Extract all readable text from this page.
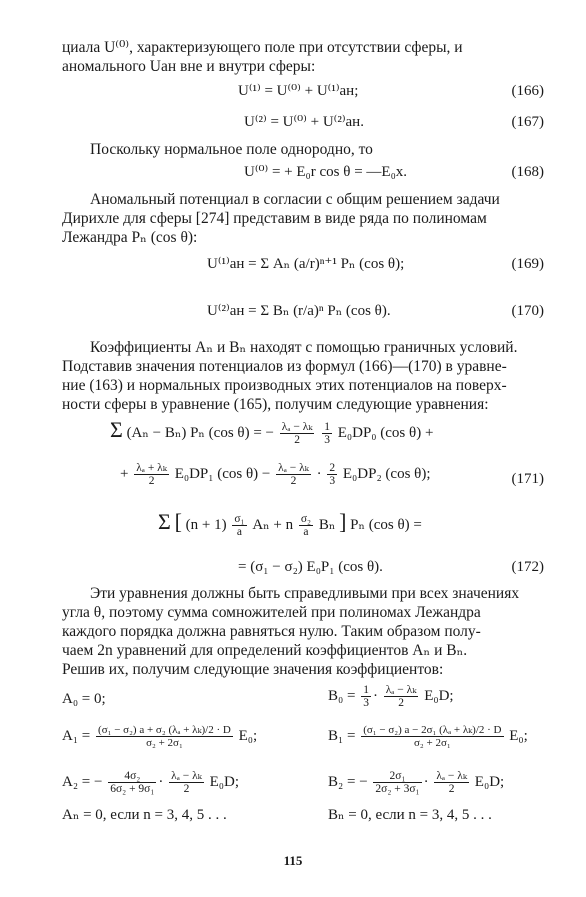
циала U⁽⁰⁾, характеризующего поле при отсутствии сферы, и
аномального Uан вне и внутри сферы:
U⁽¹⁾ = U⁽⁰⁾ + U⁽¹⁾ан;	(166)
U⁽²⁾ = U⁽⁰⁾ + U⁽²⁾ан.	(167)
Поскольку нормальное поле однородно, то
U⁽⁰⁾ = + E₀r cos θ = —E₀x.	(168)
Аномальный потенциал в согласии с общим решением задачи
Дирихле для сферы [274] представим в виде ряда по полиномам
Лежандра Pₙ (cos θ):
U⁽¹⁾ан = Σ Aₙ (a/r)ⁿ⁺¹ Pₙ (cos θ);	(169)
U⁽²⁾ан = Σ Bₙ (r/a)ⁿ Pₙ (cos θ).	(170)
Коэффициенты Aₙ и Bₙ находят с помощью граничных условий.
Подставив значения потенциалов из формул (166)—(170) в уравне-
ние (163) и нормальных производных этих потенциалов на поверх-
ности сферы в уравнение (165), получим следующие уравнения:
Σ (Aₙ − Bₙ) Pₙ (cos θ) = − $\frac{\text{λₐ − λₖ}}{2}$
$\frac{1}{3} E_0DP_0$ (cos θ) +
+ $\frac{\text{λₐ + λₖ}}{2} E_0DP_1$ (cos $\theta) - \frac{\text{λₐ − λₖ}}{2} \cdot \frac{2}{3} E_0DP_2$ (cos θ);	(171)
Σ [ $(n + 1) \frac{\text{σ₁}}{a}$ Aₙ + n $\frac{\text{σ₂}}{a}$ Bₙ ] Pₙ (cos θ) =
= (σ₁ − σ₂) E₀P₁ (cos θ).	(172)
Эти уравнения должны быть справедливыми при всех значениях
угла θ, поэтому сумма сомножителей при полиномах Лежандра
каждого порядка должна равняться нулю. Таким образом полу-
чаем 2n уравнений для определений коэффициентов Aₙ и Bₙ.
Решив их, получим следующие значения коэффициентов:
A₀ = 0;	$B_0 = \frac{1}{3} \cdot \frac{\text{λₐ − λₖ}}{2} E_0D$;
$A_1 = \frac{\text{(σ₁ − σ₂) a + σ₂ (λₐ + λₖ)/2 · D}}{\text{σ₂ + 2σ₁}} E_0$;	$B_1 = \frac{\text{(σ₁ − σ₂) a − 2σ₁ (λₐ + λₖ)/2 · D}}{\text{σ₂ + 2σ₁}} E_0$;
A₂ = − $\frac{\text{4σ₂}}{\text{6σ₂ + 9σ₁}} \cdot \frac{\text{λₐ − λₖ}}{2} E_0D$;	B₂ = − $\frac{\text{2σ₁}}{\text{2σ₂ + 3σ₁}} \cdot \frac{\text{λₐ − λₖ}}{2} E_0D$;
Aₙ = 0, если n = 3, 4, 5 . . .	Bₙ = 0, если n = 3, 4, 5 . . .
115
